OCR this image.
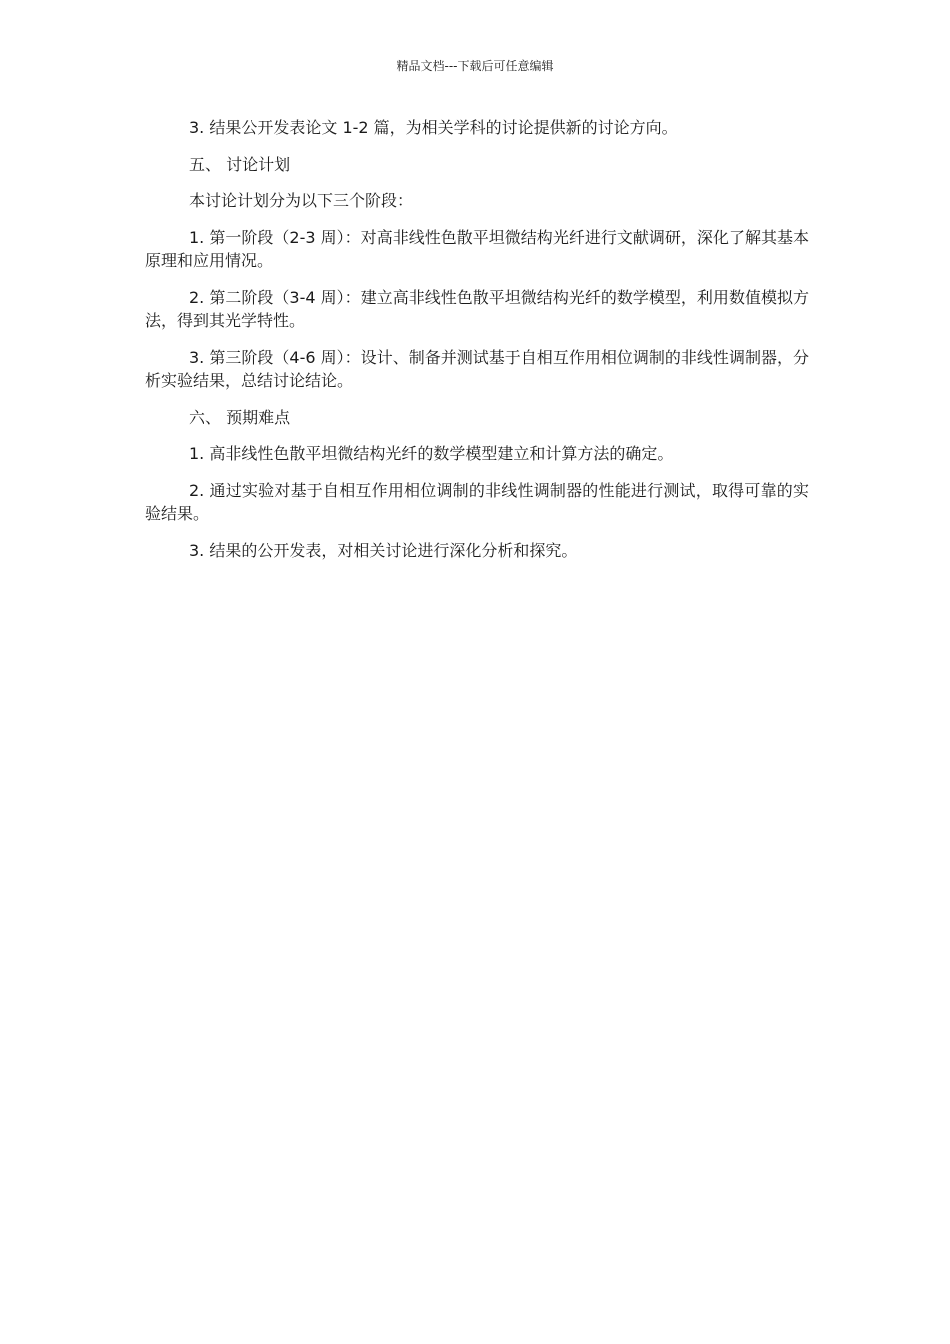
精品文档---下载后可任意编辑

3. 结果公开发表论文 1-2 篇，为相关学科的讨论提供新的讨论方向。

五、 讨论计划

本讨论计划分为以下三个阶段：

1. 第一阶段（2-3 周）：对高非线性色散平坦微结构光纤进行文献调研，深化了解其基本原理和应用情况。

2. 第二阶段（3-4 周）：建立高非线性色散平坦微结构光纤的数学模型，利用数值模拟方法，得到其光学特性。

3. 第三阶段（4-6 周）：设计、制备并测试基于自相互作用相位调制的非线性调制器，分析实验结果，总结讨论结论。

六、 预期难点

1. 高非线性色散平坦微结构光纤的数学模型建立和计算方法的确定。

2. 通过实验对基于自相互作用相位调制的非线性调制器的性能进行测试，取得可靠的实验结果。

3. 结果的公开发表，对相关讨论进行深化分析和探究。
